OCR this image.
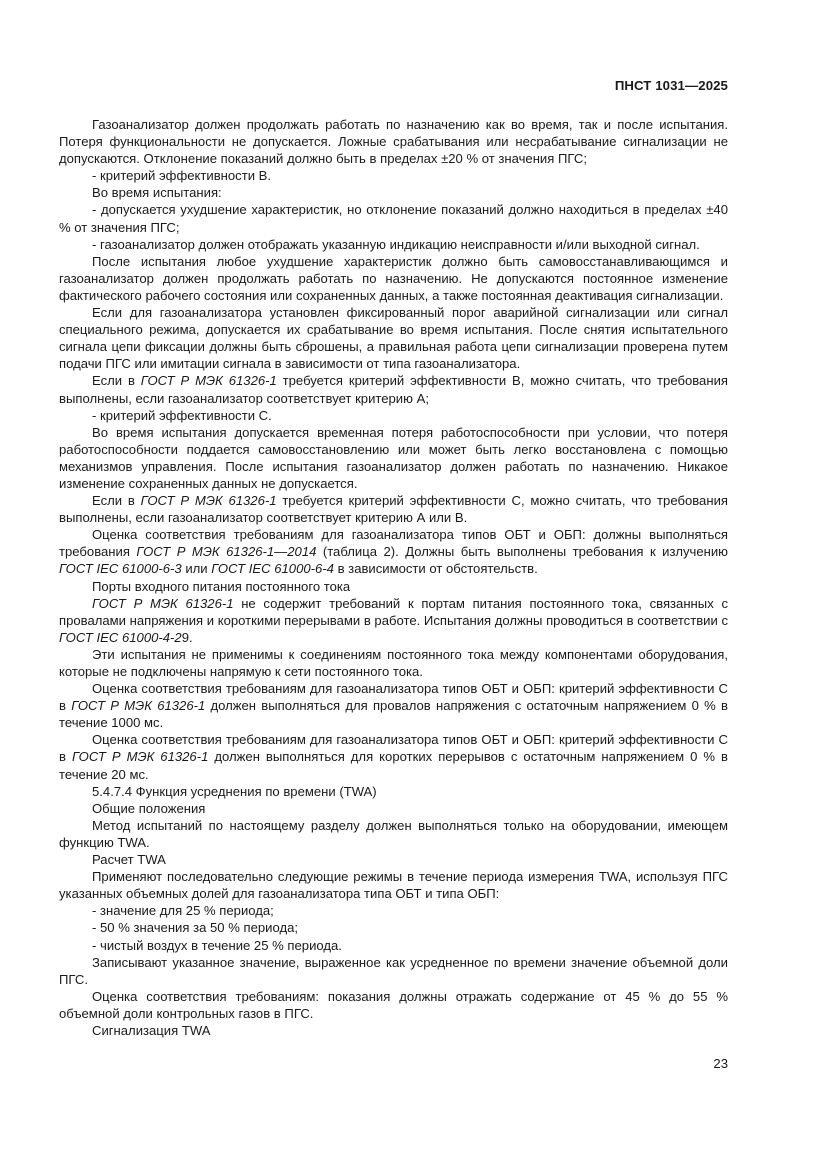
ПНСТ 1031—2025

Газоанализатор должен продолжать работать по назначению как во время, так и после испытания. Потеря функциональности не допускается. Ложные срабатывания или несрабатывание сигнализации не допускаются. Отклонение показаний должно быть в пределах ±20 % от значения ПГС;

- критерий эффективности В.

Во время испытания:

- допускается ухудшение характеристик, но отклонение показаний должно находиться в пределах ±40 % от значения ПГС;

- газоанализатор должен отображать указанную индикацию неисправности и/или выходной сигнал.

После испытания любое ухудшение характеристик должно быть самовосстанавливающимся и газоанализатор должен продолжать работать по назначению. Не допускаются постоянное изменение фактического рабочего состояния или сохраненных данных, а также постоянная деактивация сигнализации.

Если для газоанализатора установлен фиксированный порог аварийной сигнализации или сигнал специального режима, допускается их срабатывание во время испытания. После снятия испытательного сигнала цепи фиксации должны быть сброшены, а правильная работа цепи сигнализации проверена путем подачи ПГС или имитации сигнала в зависимости от типа газоанализатора.

Если в ГОСТ Р МЭК 61326-1 требуется критерий эффективности В, можно считать, что требования выполнены, если газоанализатор соответствует критерию А;

- критерий эффективности С.

Во время испытания допускается временная потеря работоспособности при условии, что потеря работоспособности поддается самовосстановлению или может быть легко восстановлена с помощью механизмов управления. После испытания газоанализатор должен работать по назначению. Никакое изменение сохраненных данных не допускается.

Если в ГОСТ Р МЭК 61326-1 требуется критерий эффективности С, можно считать, что требования выполнены, если газоанализатор соответствует критерию А или В.

Оценка соответствия требованиям для газоанализатора типов ОБТ и ОБП: должны выполняться требования ГОСТ Р МЭК 61326-1—2014 (таблица 2). Должны быть выполнены требования к излучению ГОСТ IEC 61000-6-3 или ГОСТ IEC 61000-6-4 в зависимости от обстоятельств.

Порты входного питания постоянного тока

ГОСТ Р МЭК 61326-1 не содержит требований к портам питания постоянного тока, связанных с провалами напряжения и короткими перерывами в работе. Испытания должны проводиться в соответствии с ГОСТ IEC 61000-4-29.

Эти испытания не применимы к соединениям постоянного тока между компонентами оборудования, которые не подключены напрямую к сети постоянного тока.

Оценка соответствия требованиям для газоанализатора типов ОБТ и ОБП: критерий эффективности С в ГОСТ Р МЭК 61326-1 должен выполняться для провалов напряжения с остаточным напряжением 0 % в течение 1000 мс.

Оценка соответствия требованиям для газоанализатора типов ОБТ и ОБП: критерий эффективности С в ГОСТ Р МЭК 61326-1 должен выполняться для коротких перерывов с остаточным напряжением 0 % в течение 20 мс.

5.4.7.4 Функция усреднения по времени (TWA)

Общие положения

Метод испытаний по настоящему разделу должен выполняться только на оборудовании, имеющем функцию TWA.

Расчет TWA

Применяют последовательно следующие режимы в течение периода измерения TWA, используя ПГС указанных объемных долей для газоанализатора типа ОБТ и типа ОБП:

- значение для 25 % периода;

- 50 % значения за 50 % периода;

- чистый воздух в течение 25 % периода.

Записывают указанное значение, выраженное как усредненное по времени значение объемной доли ПГС.

Оценка соответствия требованиям: показания должны отражать содержание от 45 % до 55 % объемной доли контрольных газов в ПГС.

Сигнализация TWA

23
